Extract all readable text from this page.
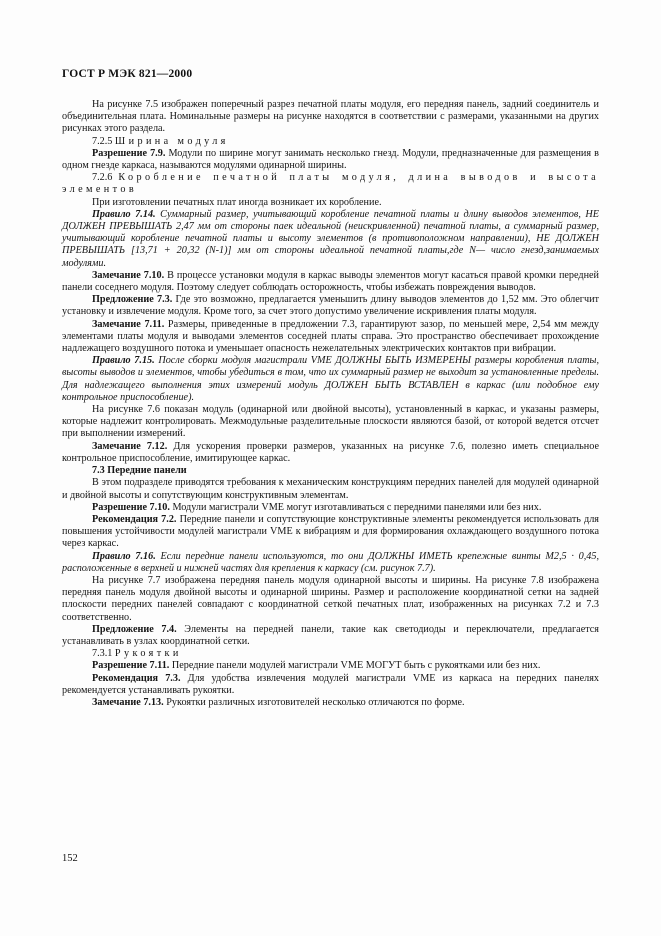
ГОСТ Р МЭК 821—2000

На рисунке 7.5 изображен поперечный разрез печатной платы модуля, его передняя панель, задний соединитель и объединительная плата. Номинальные размеры на рисунке находятся в соответствии с размерами, указанными на других рисунках этого раздела.

7.2.5 Ширина модуля

Разрешение 7.9. Модули по ширине могут занимать несколько гнезд. Модули, предназначенные для размещения в одном гнезде каркаса, называются модулями одинарной ширины.

7.2.6 Коробление печатной платы модуля, длина выводов и высота элементов

При изготовлении печатных плат иногда возникает их коробление.

Правило 7.14. Суммарный размер, учитывающий коробление печатной платы и длину выводов элементов, НЕ ДОЛЖЕН ПРЕВЫШАТЬ 2,47 мм от стороны паек идеальной (неискривленной) печатной платы, а суммарный размер, учитывающий коробление печатной платы и высоту элементов (в противоположном направлении), НЕ ДОЛЖЕН ПРЕВЫШАТЬ [13,71 + 20,32 (N-1)] мм от стороны идеальной печатной платы,где N— число гнезд,занимаемых модулями.

Замечание 7.10. В процессе установки модуля в каркас выводы элементов могут касаться правой кромки передней панели соседнего модуля. Поэтому следует соблюдать осторожность, чтобы избежать повреждения выводов.

Предложение 7.3. Где это возможно, предлагается уменьшить длину выводов элементов до 1,52 мм. Это облегчит установку и извлечение модуля. Кроме того, за счет этого допустимо увеличение искривления платы модуля.

Замечание 7.11. Размеры, приведенные в предложении 7.3, гарантируют зазор, по меньшей мере, 2,54 мм между элементами платы модуля и выводами элементов соседней платы справа. Это пространство обеспечивает прохождение надлежащего воздушного потока и уменьшает опасность нежелательных электрических контактов при вибрации.

Правило 7.15. После сборки модуля магистрали VME ДОЛЖНЫ БЫТЬ ИЗМЕРЕНЫ размеры коробления платы, высоты выводов и элементов, чтобы убедиться в том, что их суммарный размер не выходит за установленные пределы. Для надлежащего выполнения этих измерений модуль ДОЛЖЕН БЫТЬ ВСТАВЛЕН в каркас (или подобное ему контрольное приспособление).

На рисунке 7.6 показан модуль (одинарной или двойной высоты), установленный в каркас, и указаны размеры, которые надлежит контролировать. Межмодульные разделительные плоскости являются базой, от которой ведется отсчет при выполнении измерений.

Замечание 7.12. Для ускорения проверки размеров, указанных на рисунке 7.6, полезно иметь специальное контрольное приспособление, имитирующее каркас.

7.3 Передние панели

В этом подразделе приводятся требования к механическим конструкциям передних панелей для модулей одинарной и двойной высоты и сопутствующим конструктивным элементам.

Разрешение 7.10. Модули магистрали VME могут изготавливаться с передними панелями или без них.

Рекомендация 7.2. Передние панели и сопутствующие конструктивные элементы рекомендуется использовать для повышения устойчивости модулей магистрали VME к вибрациям и для формирования охлаждающего воздушного потока через каркас.

Правило 7.16. Если передние панели используются, то они ДОЛЖНЫ ИМЕТЬ крепежные винты М2,5 · 0,45, расположенные в верхней и нижней частях для крепления к каркасу (см. рисунок 7.7).

На рисунке 7.7 изображена передняя панель модуля одинарной высоты и ширины. На рисунке 7.8 изображена передняя панель модуля двойной высоты и одинарной ширины. Размер и расположение координатной сетки на задней плоскости передних панелей совпадают с координатной сеткой печатных плат, изображенных на рисунках 7.2 и 7.3 соответственно.

Предложение 7.4. Элементы на передней панели, такие как светодиоды и переключатели, предлагается устанавливать в узлах координатной сетки.

7.3.1 Рукоятки

Разрешение 7.11. Передние панели модулей магистрали VME МОГУТ быть с рукоятками или без них.

Рекомендация 7.3. Для удобства извлечения модулей магистрали VME из каркаса на передних панелях рекомендуется устанавливать рукоятки.

Замечание 7.13. Рукоятки различных изготовителей несколько отличаются по форме.

152
